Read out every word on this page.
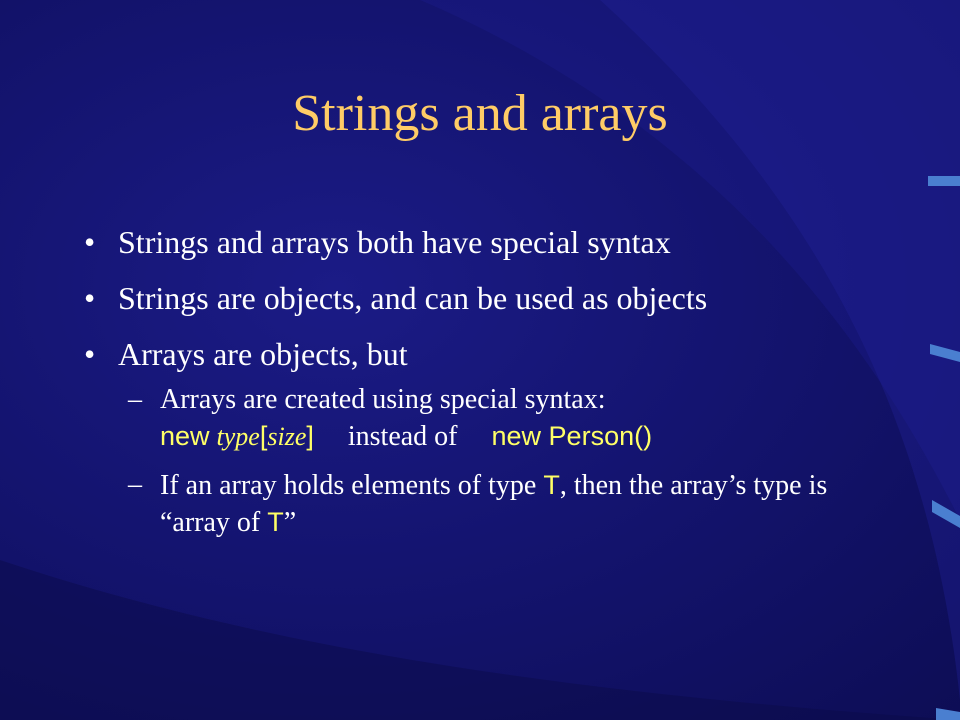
Strings and arrays
• Strings and arrays both have special syntax
• Strings are objects, and can be used as objects
• Arrays are objects, but
– Arrays are created using special syntax:
new type[size] instead of new Person()
– If an array holds elements of type T, then the array’s type is “array of T”
